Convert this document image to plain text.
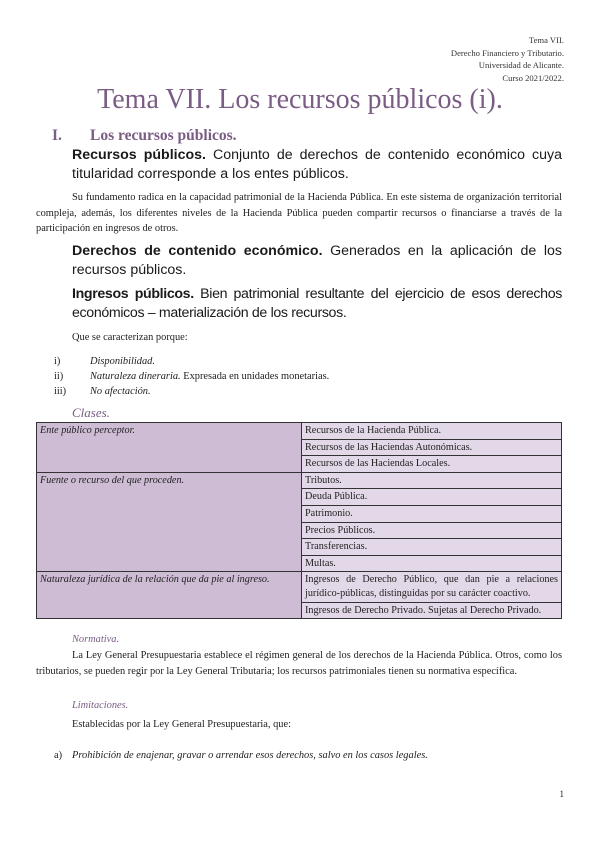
Tema VII.
Derecho Financiero y Tributario.
Universidad de Alicante.
Curso 2021/2022.
Tema VII. Los recursos públicos (i).
I. Los recursos públicos.
Recursos públicos. Conjunto de derechos de contenido económico cuya titularidad corresponde a los entes públicos.
Su fundamento radica en la capacidad patrimonial de la Hacienda Pública. En este sistema de organización territorial compleja, además, los diferentes niveles de la Hacienda Pública pueden compartir recursos o financiarse a través de la participación en ingresos de otros.
Derechos de contenido económico. Generados en la aplicación de los recursos públicos.
Ingresos públicos. Bien patrimonial resultante del ejercicio de esos derechos económicos – materialización de los recursos.
Que se caracterizan porque:
i)	Disponibilidad.
ii)	Naturaleza dineraria. Expresada en unidades monetarias.
iii) No afectación.
Clases.
Ente público perceptor.	Recursos de la Hacienda Pública.
	Recursos de las Haciendas Autonómicas.
	Recursos de las Haciendas Locales.
Fuente o recurso del que proceden.	Tributos.
	Deuda Pública.
	Patrimonio.
	Precios Públicos.
	Transferencias.
	Multas.
Naturaleza jurídica de la relación que da pie al ingreso.	Ingresos de Derecho Público, que dan pie a relaciones jurídico-públicas, distinguidas por su carácter coactivo.
	Ingresos de Derecho Privado. Sujetas al Derecho Privado.
Normativa.
La Ley General Presupuestaria establece el régimen general de los derechos de la Hacienda Pública. Otros, como los tributarios, se pueden regir por la Ley General Tributaria; los recursos patrimoniales tienen su normativa específica.
Limitaciones.
Establecidas por la Ley General Presupuestaria, que:
a) Prohibición de enajenar, gravar o arrendar esos derechos, salvo en los casos legales.
1
